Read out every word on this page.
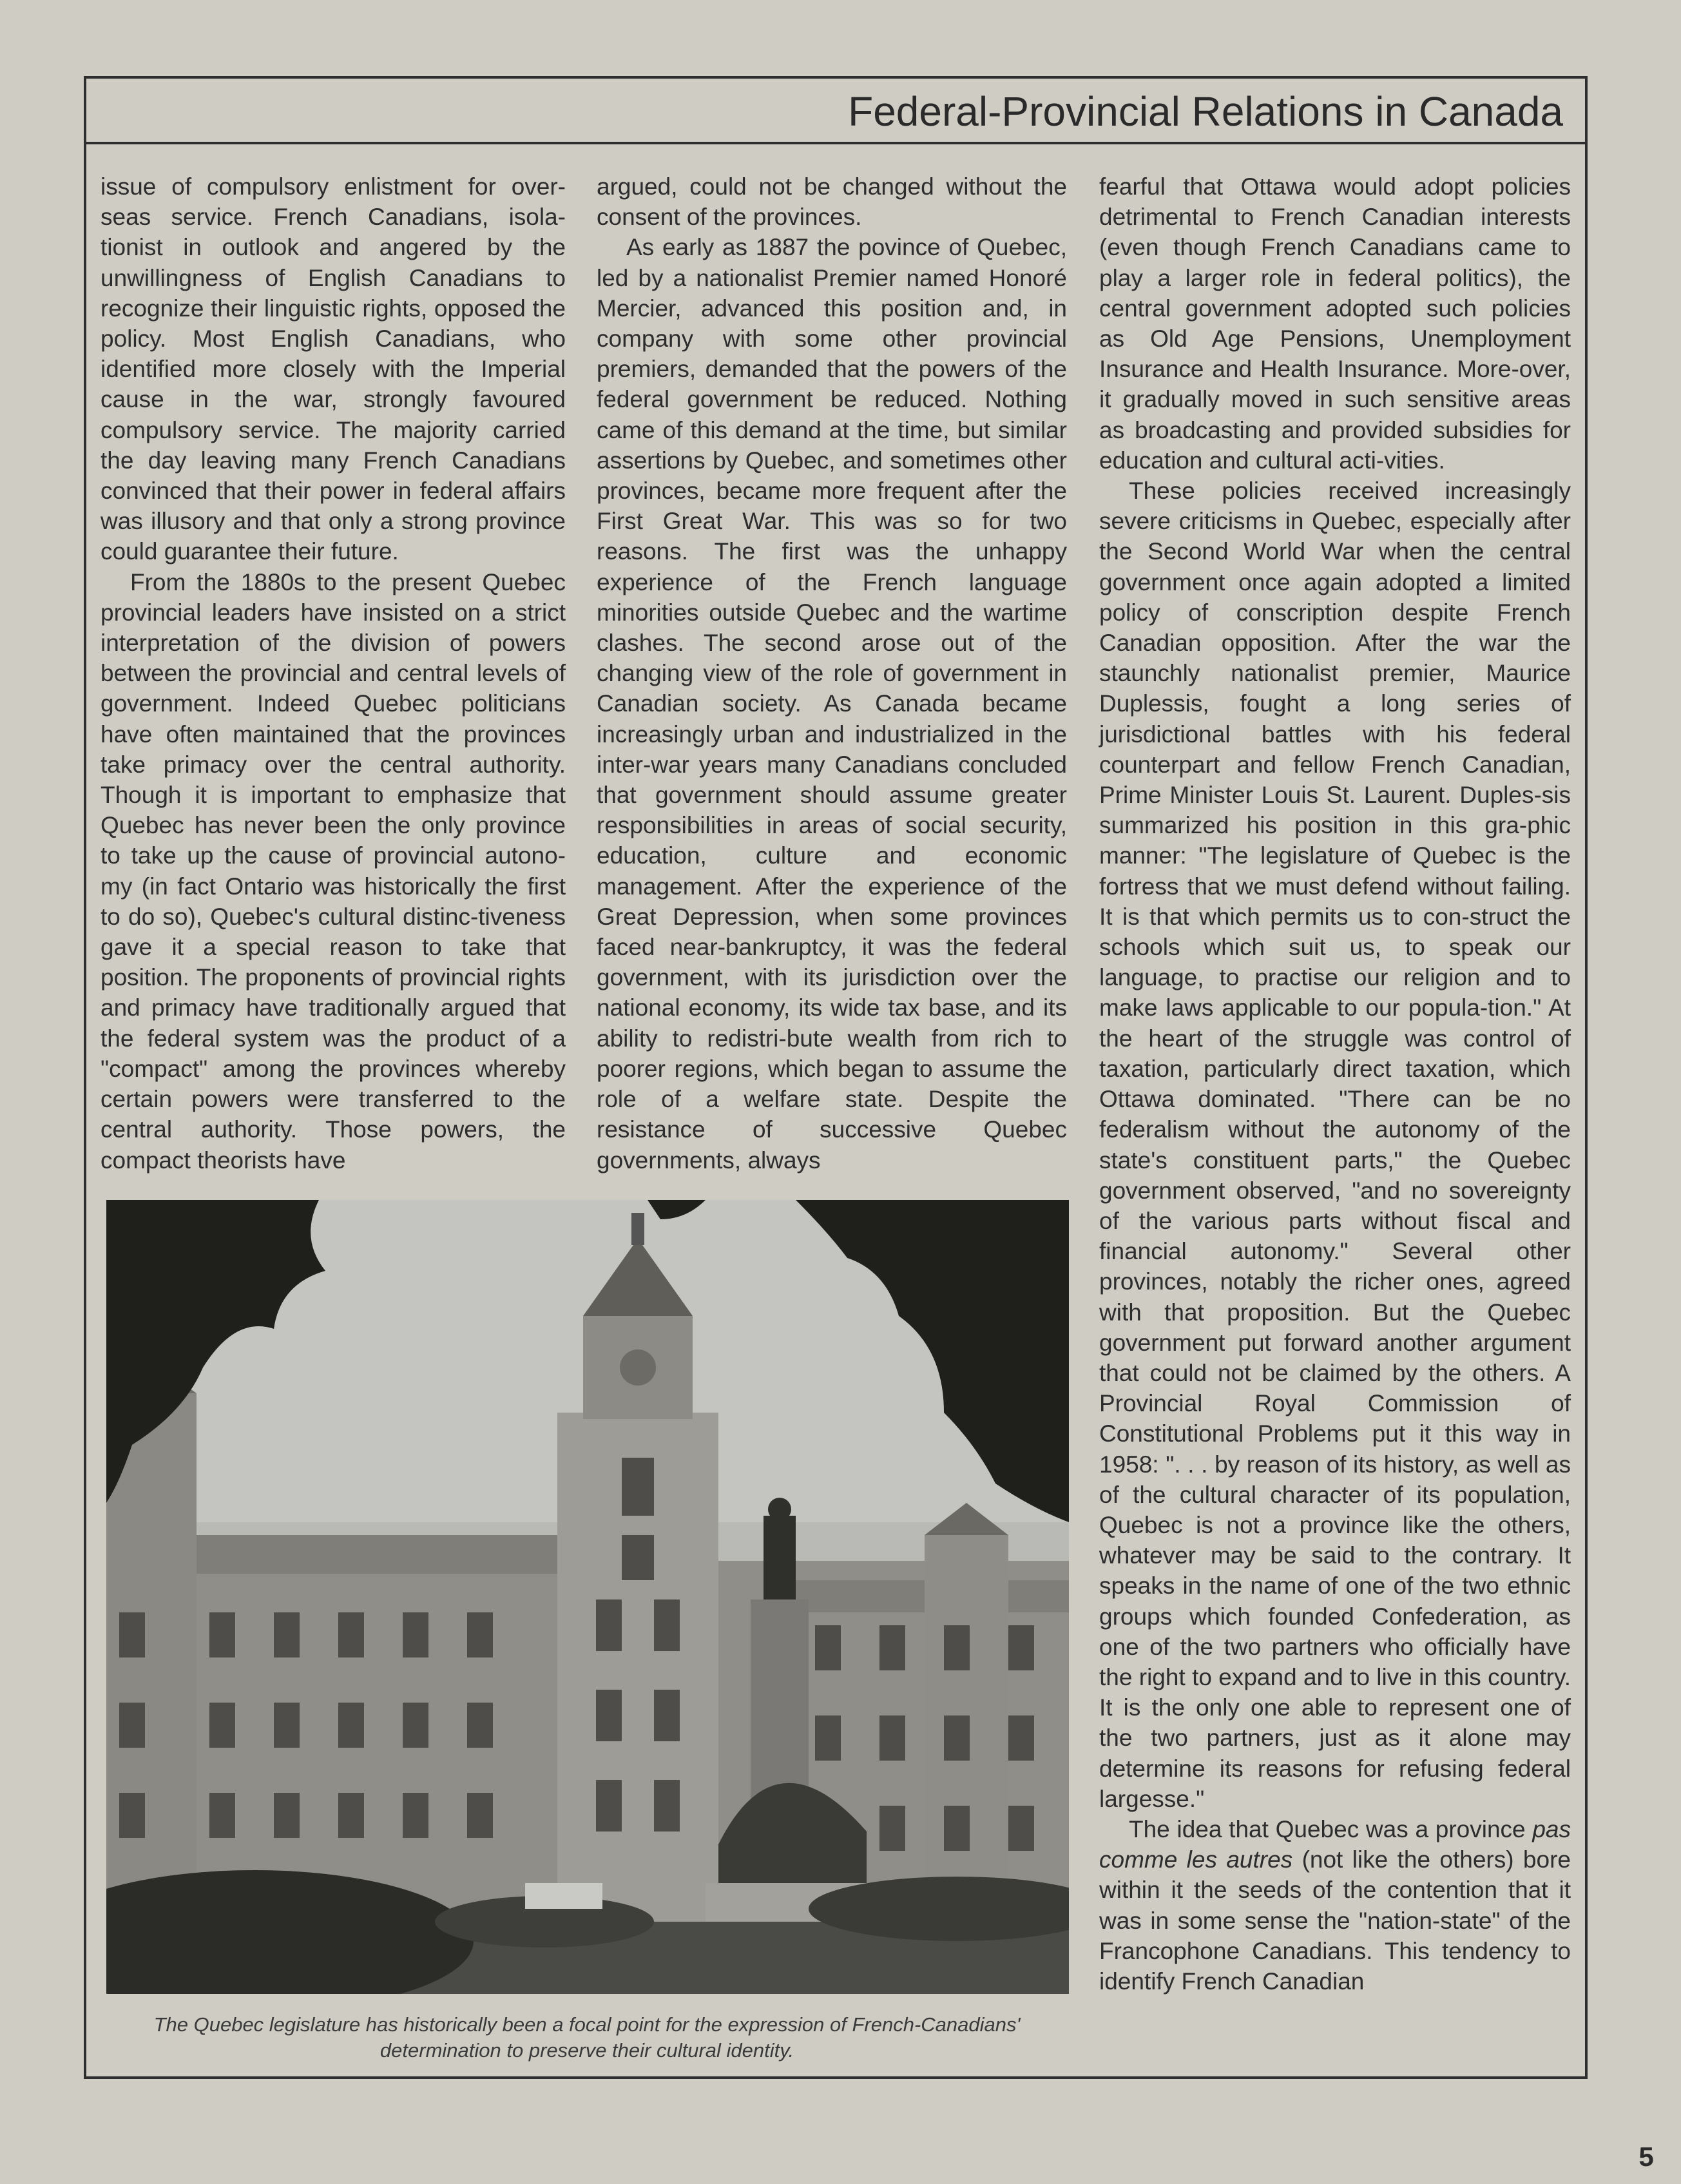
Federal-Provincial Relations in Canada

issue of compulsory enlistment for over-seas service. French Canadians, isola-tionist in outlook and angered by the unwillingness of English Canadians to recognize their linguistic rights, opposed the policy. Most English Canadians, who identified more closely with the Imperial cause in the war, strongly favoured compulsory service. The majority carried the day leaving many French Canadians convinced that their power in federal affairs was illusory and that only a strong province could guarantee their future.

From the 1880s to the present Quebec provincial leaders have insisted on a strict interpretation of the division of powers between the provincial and central levels of government. Indeed Quebec politicians have often maintained that the provinces take primacy over the central authority. Though it is important to emphasize that Quebec has never been the only province to take up the cause of provincial autono-my (in fact Ontario was historically the first to do so), Quebec's cultural distinc-tiveness gave it a special reason to take that position. The proponents of provincial rights and primacy have traditionally argued that the federal system was the product of a "compact" among the provinces whereby certain powers were transferred to the central authority. Those powers, the compact theorists have

argued, could not be changed without the consent of the provinces.

As early as 1887 the povince of Quebec, led by a nationalist Premier named Honoré Mercier, advanced this position and, in company with some other provincial premiers, demanded that the powers of the federal government be reduced. Nothing came of this demand at the time, but similar assertions by Quebec, and sometimes other provinces, became more frequent after the First Great War. This was so for two reasons. The first was the unhappy experience of the French language minorities outside Quebec and the wartime clashes. The second arose out of the changing view of the role of government in Canadian society. As Canada became increasingly urban and industrialized in the inter-war years many Canadians concluded that government should assume greater responsibilities in areas of social security, education, culture and economic management. After the experience of the Great Depression, when some provinces faced near-bankruptcy, it was the federal government, with its jurisdiction over the national economy, its wide tax base, and its ability to redistri-bute wealth from rich to poorer regions, which began to assume the role of a welfare state. Despite the resistance of successive Quebec governments, always

fearful that Ottawa would adopt policies detrimental to French Canadian interests (even though French Canadians came to play a larger role in federal politics), the central government adopted such policies as Old Age Pensions, Unemployment Insurance and Health Insurance. More-over, it gradually moved in such sensitive areas as broadcasting and provided subsidies for education and cultural acti-vities.

These policies received increasingly severe criticisms in Quebec, especially after the Second World War when the central government once again adopted a limited policy of conscription despite French Canadian opposition. After the war the staunchly nationalist premier, Maurice Duplessis, fought a long series of jurisdictional battles with his federal counterpart and fellow French Canadian, Prime Minister Louis St. Laurent. Duples-sis summarized his position in this gra-phic manner: "The legislature of Quebec is the fortress that we must defend without failing. It is that which permits us to con-struct the schools which suit us, to speak our language, to practise our religion and to make laws applicable to our popula-tion." At the heart of the struggle was control of taxation, particularly direct taxation, which Ottawa dominated. "There can be no federalism without the autonomy of the state's constituent parts," the Quebec government observed, "and no sovereignty of the various parts without fiscal and financial autonomy." Several other provinces, notably the richer ones, agreed with that proposition. But the Quebec government put forward another argument that could not be claimed by the others. A Provincial Royal Commission of Constitutional Problems put it this way in 1958: ". . . by reason of its history, as well as of the cultural character of its population, Quebec is not a province like the others, whatever may be said to the contrary. It speaks in the name of one of the two ethnic groups which founded Confederation, as one of the two partners who officially have the right to expand and to live in this country. It is the only one able to represent one of the two partners, just as it alone may determine its reasons for refusing federal largesse."

The idea that Quebec was a province pas comme les autres (not like the others) bore within it the seeds of the contention that it was in some sense the "nation-state" of the Francophone Canadians. This tendency to identify French Canadian

The Quebec legislature has historically been a focal point for the expression of French-Canadians' determination to preserve their cultural identity.
5
